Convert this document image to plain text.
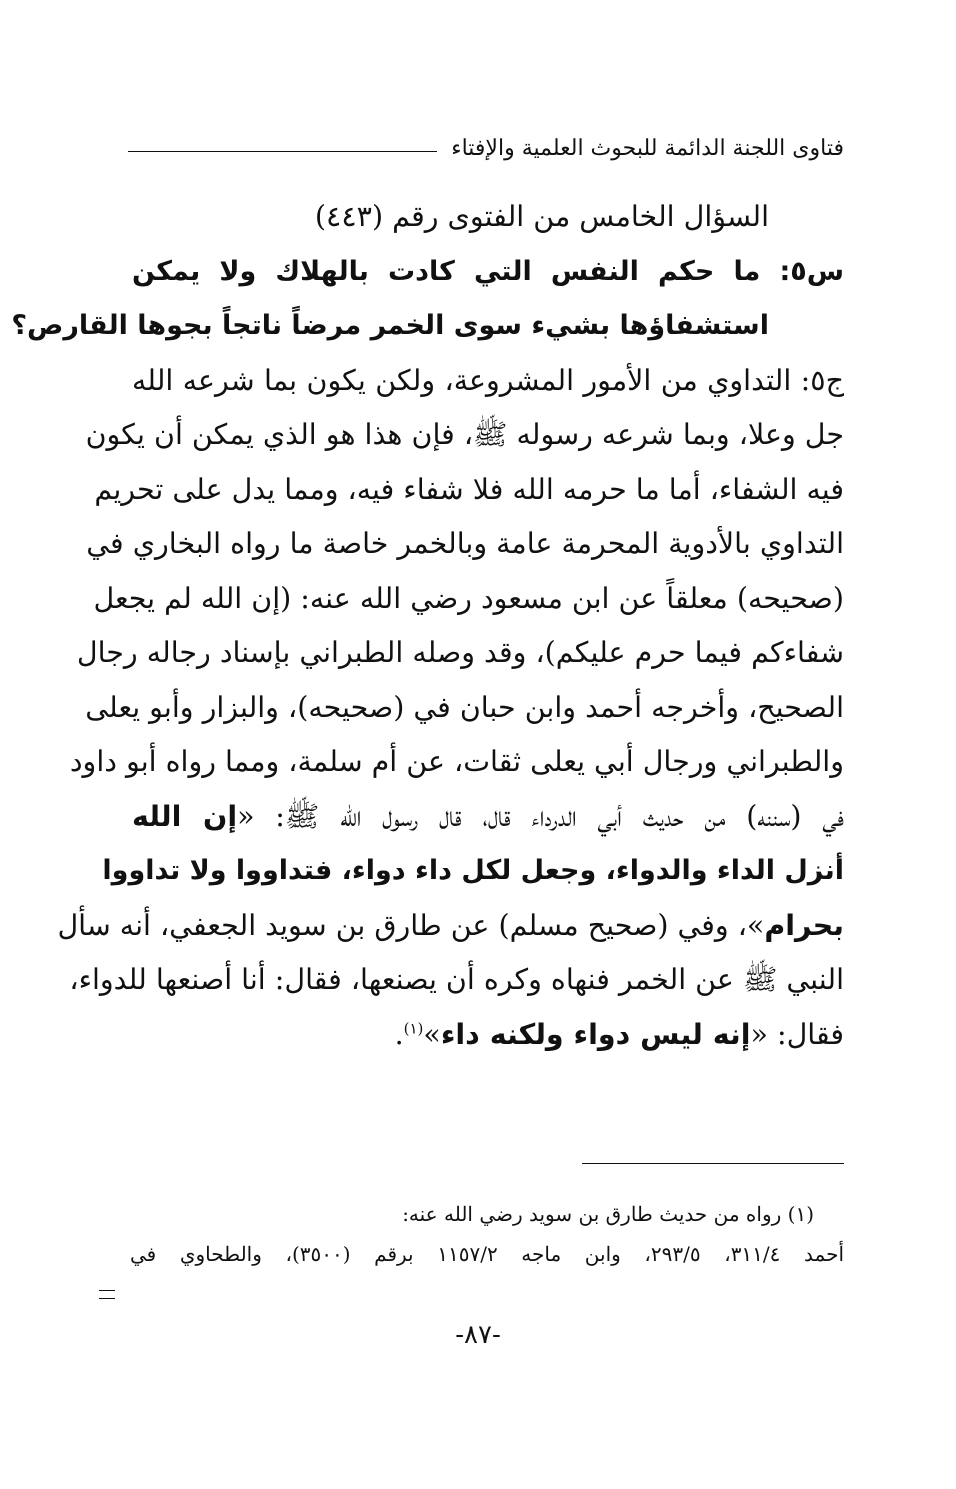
فتاوى اللجنة الدائمة للبحوث العلمية والإفتاء
السؤال الخامس من الفتوى رقم (٤٤٣)
س٥: ما حكم النفس التي كادت بالهلاك ولا يمكن
استشفاؤها بشيء سوى الخمر مرضاً ناتجاً بجوها القارص؟
ج٥: التداوي من الأمور المشروعة، ولكن يكون بما شرعه الله
جل وعلا، وبما شرعه رسوله ﷺ، فإن هذا هو الذي يمكن أن يكون
فيه الشفاء، أما ما حرمه الله فلا شفاء فيه، ومما يدل على تحريم
التداوي بالأدوية المحرمة عامة وبالخمر خاصة ما رواه البخاري في
(صحيحه) معلقاً عن ابن مسعود رضي الله عنه: (إن الله لم يجعل
شفاءكم فيما حرم عليكم)، وقد وصله الطبراني بإسناد رجاله رجال
الصحيح، وأخرجه أحمد وابن حبان في (صحيحه)، والبزار وأبو يعلى
والطبراني ورجال أبي يعلى ثقات، عن أم سلمة، ومما رواه أبو داود
في (سننه) من حديث أبي الدرداء قال، قال رسول الله ﷺ: «إن الله
أنزل الداء والدواء، وجعل لكل داء دواء، فتداووا ولا تداووا
بحرام»، وفي (صحيح مسلم) عن طارق بن سويد الجعفي، أنه سأل
النبي ﷺ عن الخمر فنهاه وكره أن يصنعها، فقال: أنا أصنعها للدواء،
فقال: «إنه ليس دواء ولكنه داء»$^{(١)}$.
(١) رواه من حديث طارق بن سويد رضي الله عنه:
أحمد ٣١١/٤، ٢٩٣/٥، وابن ماجه ١١٥٧/٢ برقم (٣٥٠٠)، والطحاوي في
-٨٧-
